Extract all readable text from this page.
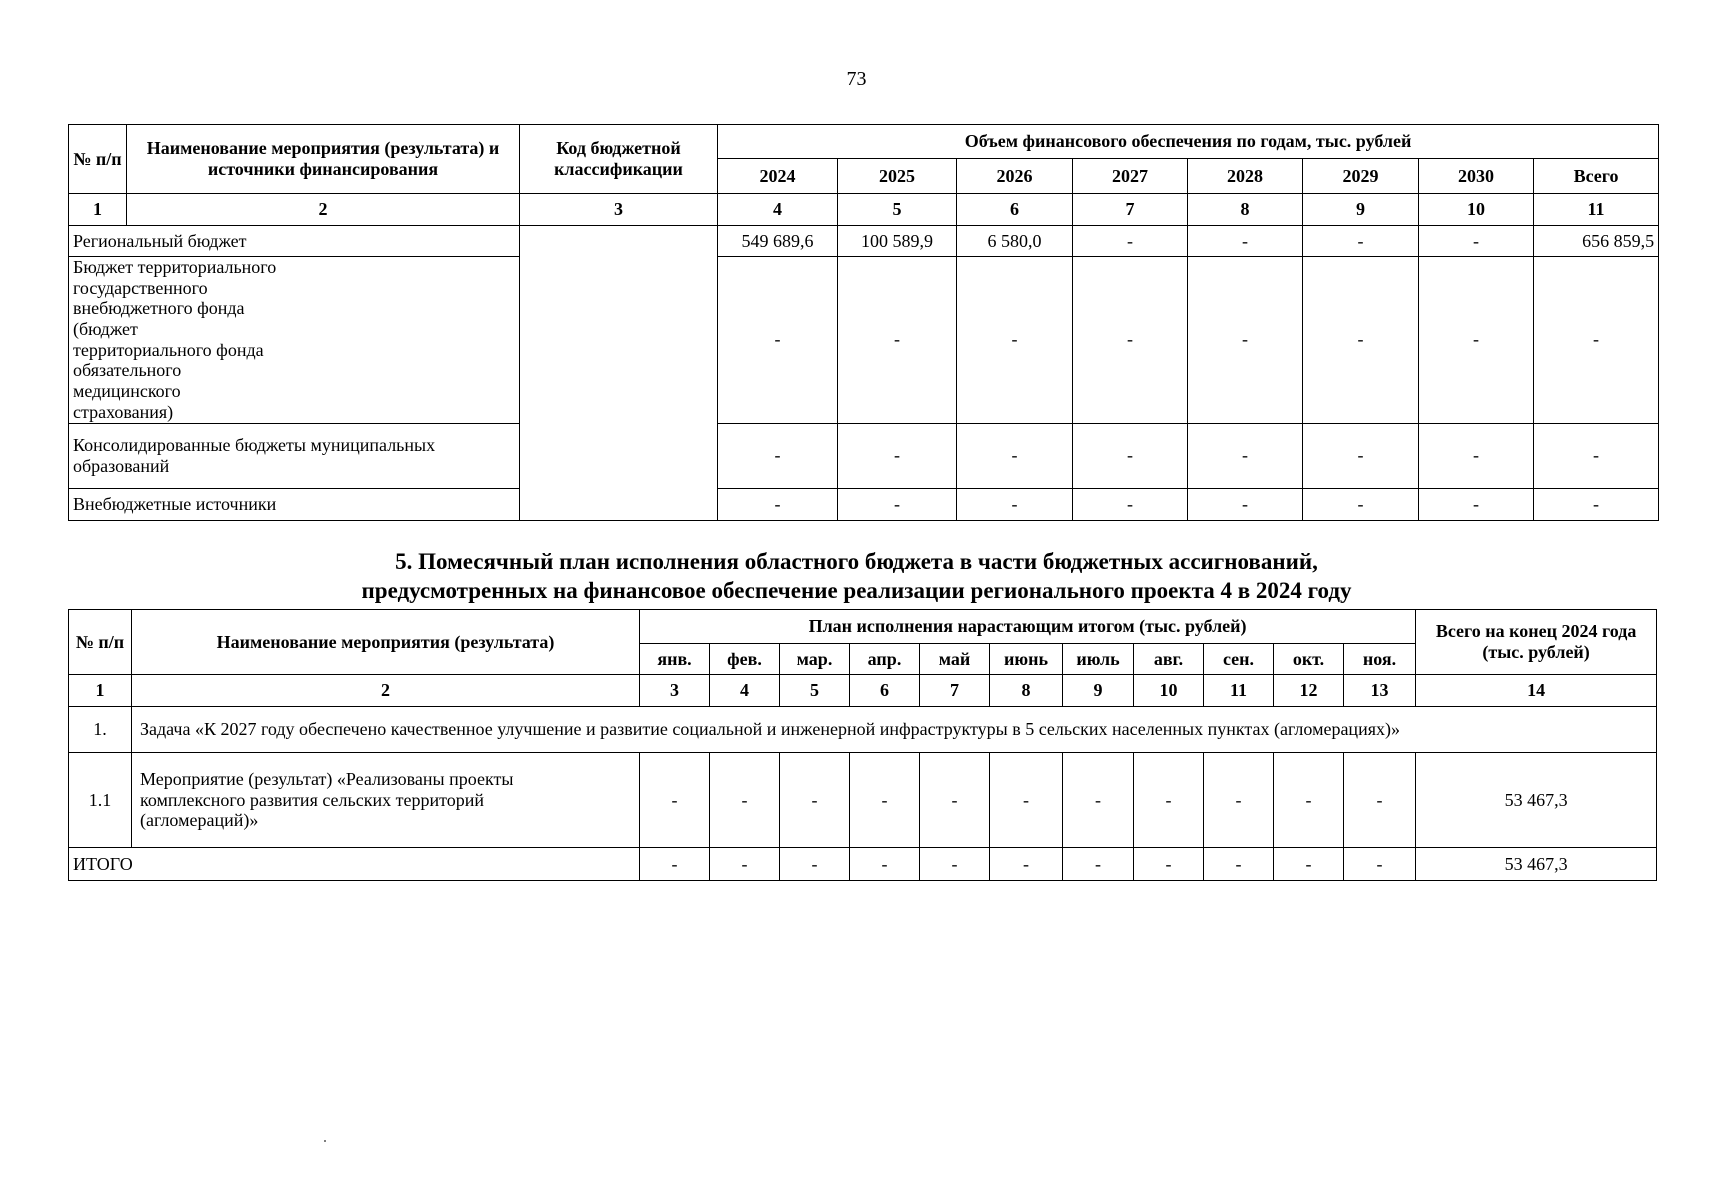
73
№ п/п	Наименование мероприятия (результата) и источники финансирования	Код бюджетной классификации	Объем финансового обеспечения по годам, тыс. рублей							
			2024	2025	2026	2027	2028	2029	2030	Всего
1	2	3	4	5	6	7	8	9	10	11
Региональный бюджет			549 689,6	100 589,9	6 580,0	-	-	-	-	656 859,5
Бюджет территориального государственного внебюджетного фонда (бюджет территориального фонда обязательного медицинского страхования)			-	-	-	-	-	-	-	-
Консолидированные бюджеты муниципальных образований			-	-	-	-	-	-	-	-
Внебюджетные источники			-	-	-	-	-	-	-	-
5. Помесячный план исполнения областного бюджета в части бюджетных ассигнований,
предусмотренных на финансовое обеспечение реализации регионального проекта 4 в 2024 году
№ п/п	Наименование мероприятия (результата)	План исполнения нарастающим итогом (тыс. рублей)											Всего на конец 2024 года (тыс. рублей)
		янв.	фев.	мар.	апр.	май	июнь	июль	авг.	сен.	окт.	ноя.	
1	2	3	4	5	6	7	8	9	10	11	12	13	14
1.	Задача «К 2027 году обеспечено качественное улучшение и развитие социальной и инженерной инфраструктуры в 5 сельских населенных пунктах (агломерациях)»												
1.1	Мероприятие (результат) «Реализованы проекты комплексного развития сельских территорий (агломераций)»	-	-	-	-	-	-	-	-	-	-	-	53 467,3
ИТОГО		-	-	-	-	-	-	-	-	-	-	-	53 467,3
